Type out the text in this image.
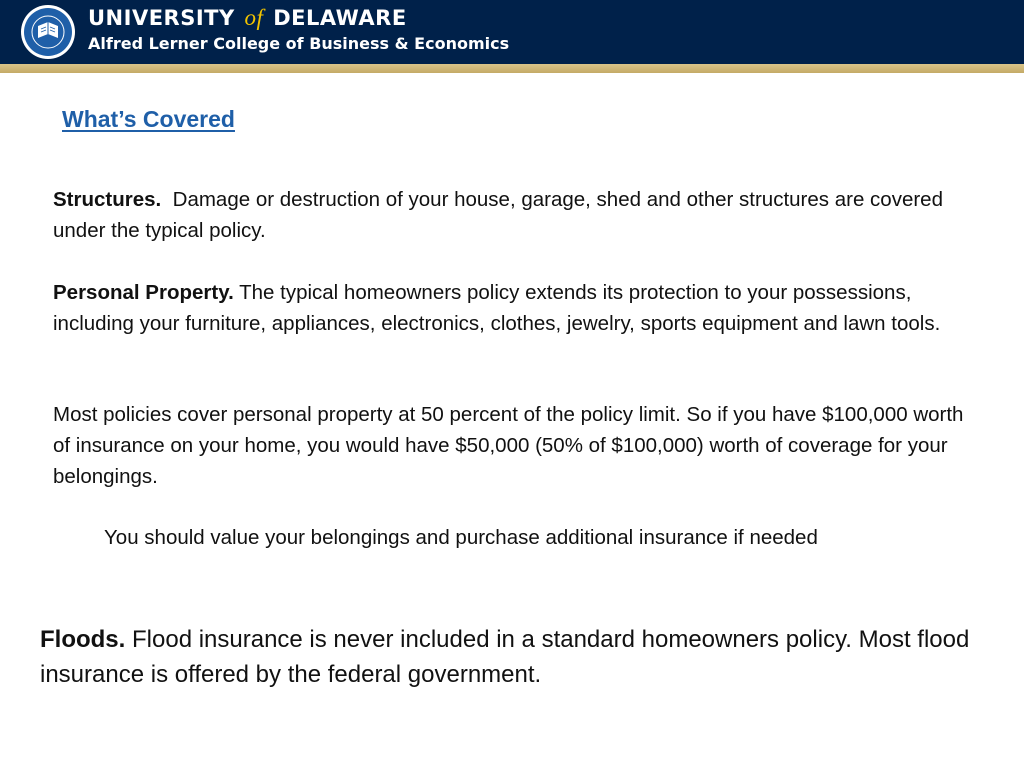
UNIVERSITY of DELAWARE
Alfred Lerner College of Business & Economics
What’s Covered
Structures. Damage or destruction of your house, garage, shed and other structures are covered under the typical policy.
Personal Property. The typical homeowners policy extends its protection to your possessions, including your furniture, appliances, electronics, clothes, jewelry, sports equipment and lawn tools.
Most policies cover personal property at 50 percent of the policy limit. So if you have $100,000 worth of insurance on your home, you would have $50,000 (50% of $100,000) worth of coverage for your belongings.
You should value your belongings and purchase additional insurance if needed
Floods. Flood insurance is never included in a standard homeowners policy. Most flood insurance is offered by the federal government.
